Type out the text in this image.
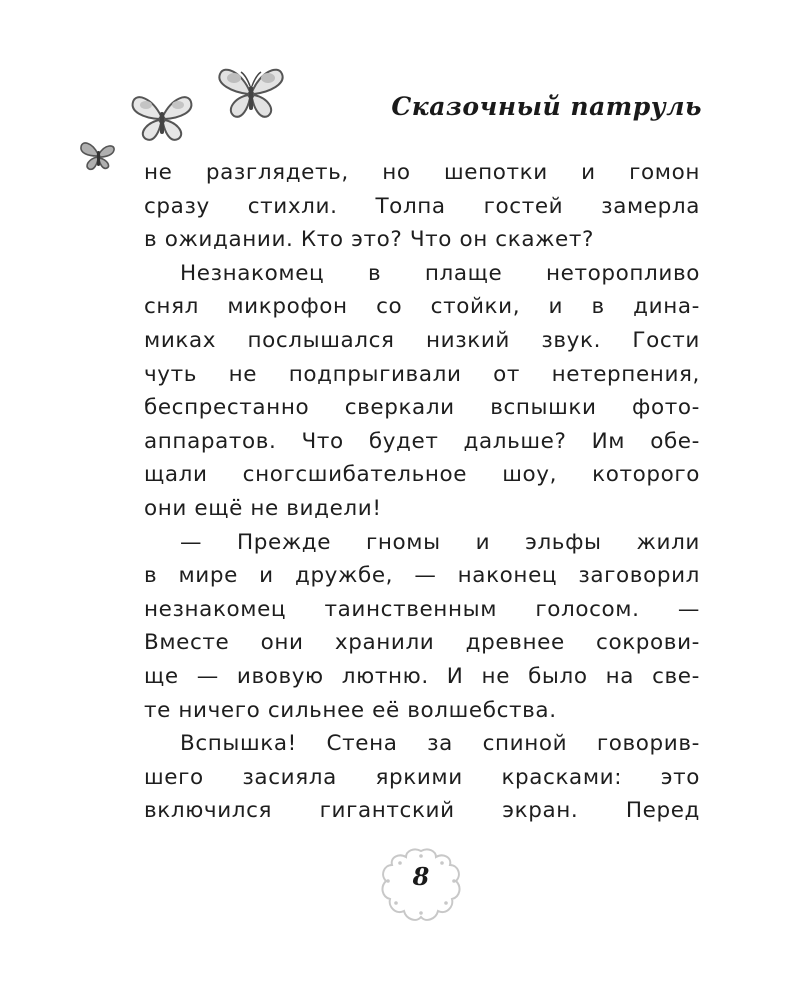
Сказочный патруль
не разглядеть, но шепотки и гомон
сразу стихли. Толпа гостей замерла
в ожидании. Кто это? Что он скажет?
Незнакомец в плаще неторопливо
снял микрофон со стойки, и в дина-
миках послышался низкий звук. Гости
чуть не подпрыгивали от нетерпения,
беспрестанно сверкали вспышки фото-
аппаратов. Что будет дальше? Им обе-
щали сногсшибательное шоу, которого
они ещё не видели!
— Прежде гномы и эльфы жили
в мире и дружбе, — наконец заговорил
незнакомец таинственным голосом. —
Вместе они хранили древнее сокрови-
ще — ивовую лютню. И не было на све-
те ничего сильнее её волшебства.
Вспышка! Стена за спиной говорив-
шего засияла яркими красками: это
включился гигантский экран. Перед
8
